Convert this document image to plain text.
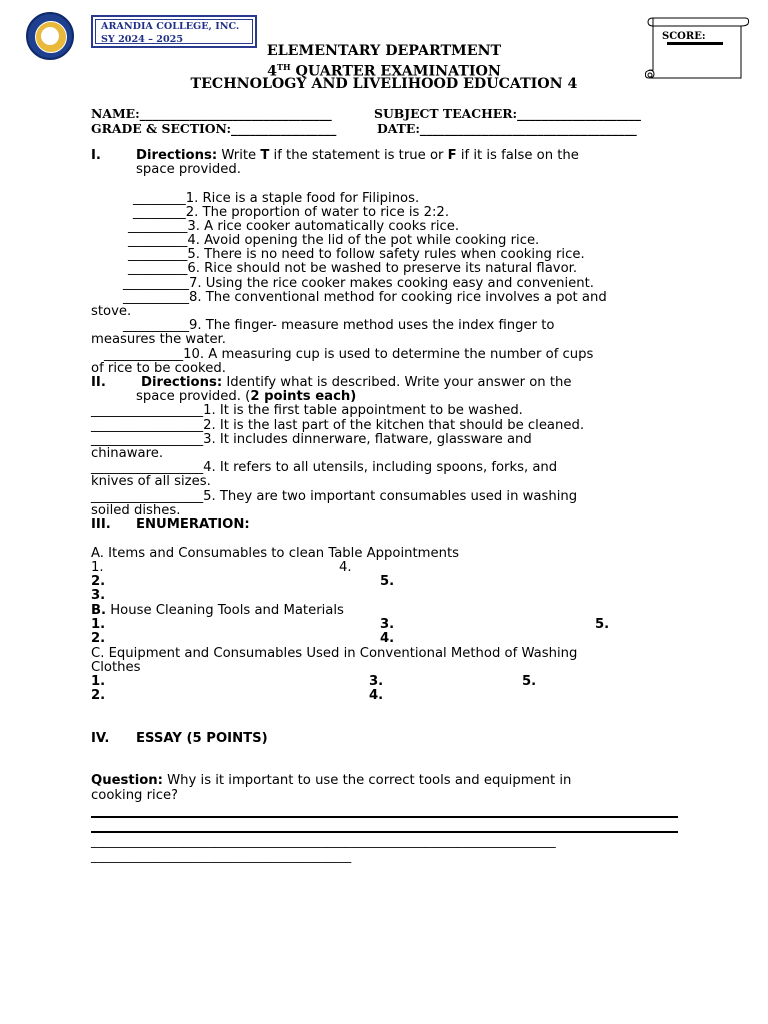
ARANDIA COLLEGE, INC.
SY 2024 – 2025	SCORE:
ELEMENTARY DEPARTMENT
4TH QUARTER EXAMINATION
TECHNOLOGY AND LIVELIHOOD EDUCATION 4
NAME:_______________________________	SUBJECT TEACHER:____________________
GRADE & SECTION:_________________	DATE:___________________________________
I.	Directions: Write T if the statement is true or F if it is false on the
space provided.
________1. Rice is a staple food for Filipinos.
________2. The proportion of water to rice is 2:2.
_________3. A rice cooker automatically cooks rice.
_________4. Avoid opening the lid of the pot while cooking rice.
_________5. There is no need to follow safety rules when cooking rice.
_________6. Rice should not be washed to preserve its natural flavor.
__________7. Using the rice cooker makes cooking easy and convenient.
__________8. The conventional method for cooking rice involves a pot and
stove.
__________9. The finger- measure method uses the index finger to
measures the water.
____________10. A measuring cup is used to determine the number of cups
of rice to be cooked.
II.	Directions: Identify what is described. Write your answer on the
space provided. (2 points each)
_________________1. It is the first table appointment to be washed.
_________________2. It is the last part of the kitchen that should be cleaned.
_________________3. It includes dinnerware, flatware, glassware and
chinaware.
_________________4. It refers to all utensils, including spoons, forks, and
knives of all sizes.
_________________5. They are two important consumables used in washing
soiled dishes.
III. ENUMERATION:
A. Items and Consumables to clean Table Appointments
1.	4.
2.	5.
3.
B. House Cleaning Tools and Materials
1.	3.	5.
2.	4.
C. Equipment and Consumables Used in Conventional Method of Washing
Clothes
1.	3.	5.
2.	4.
IV. ESSAY (5 POINTS)
Question: Why is it important to use the correct tools and equipment in
cooking rice?
___________________________________________________________________________
__________________________________________
